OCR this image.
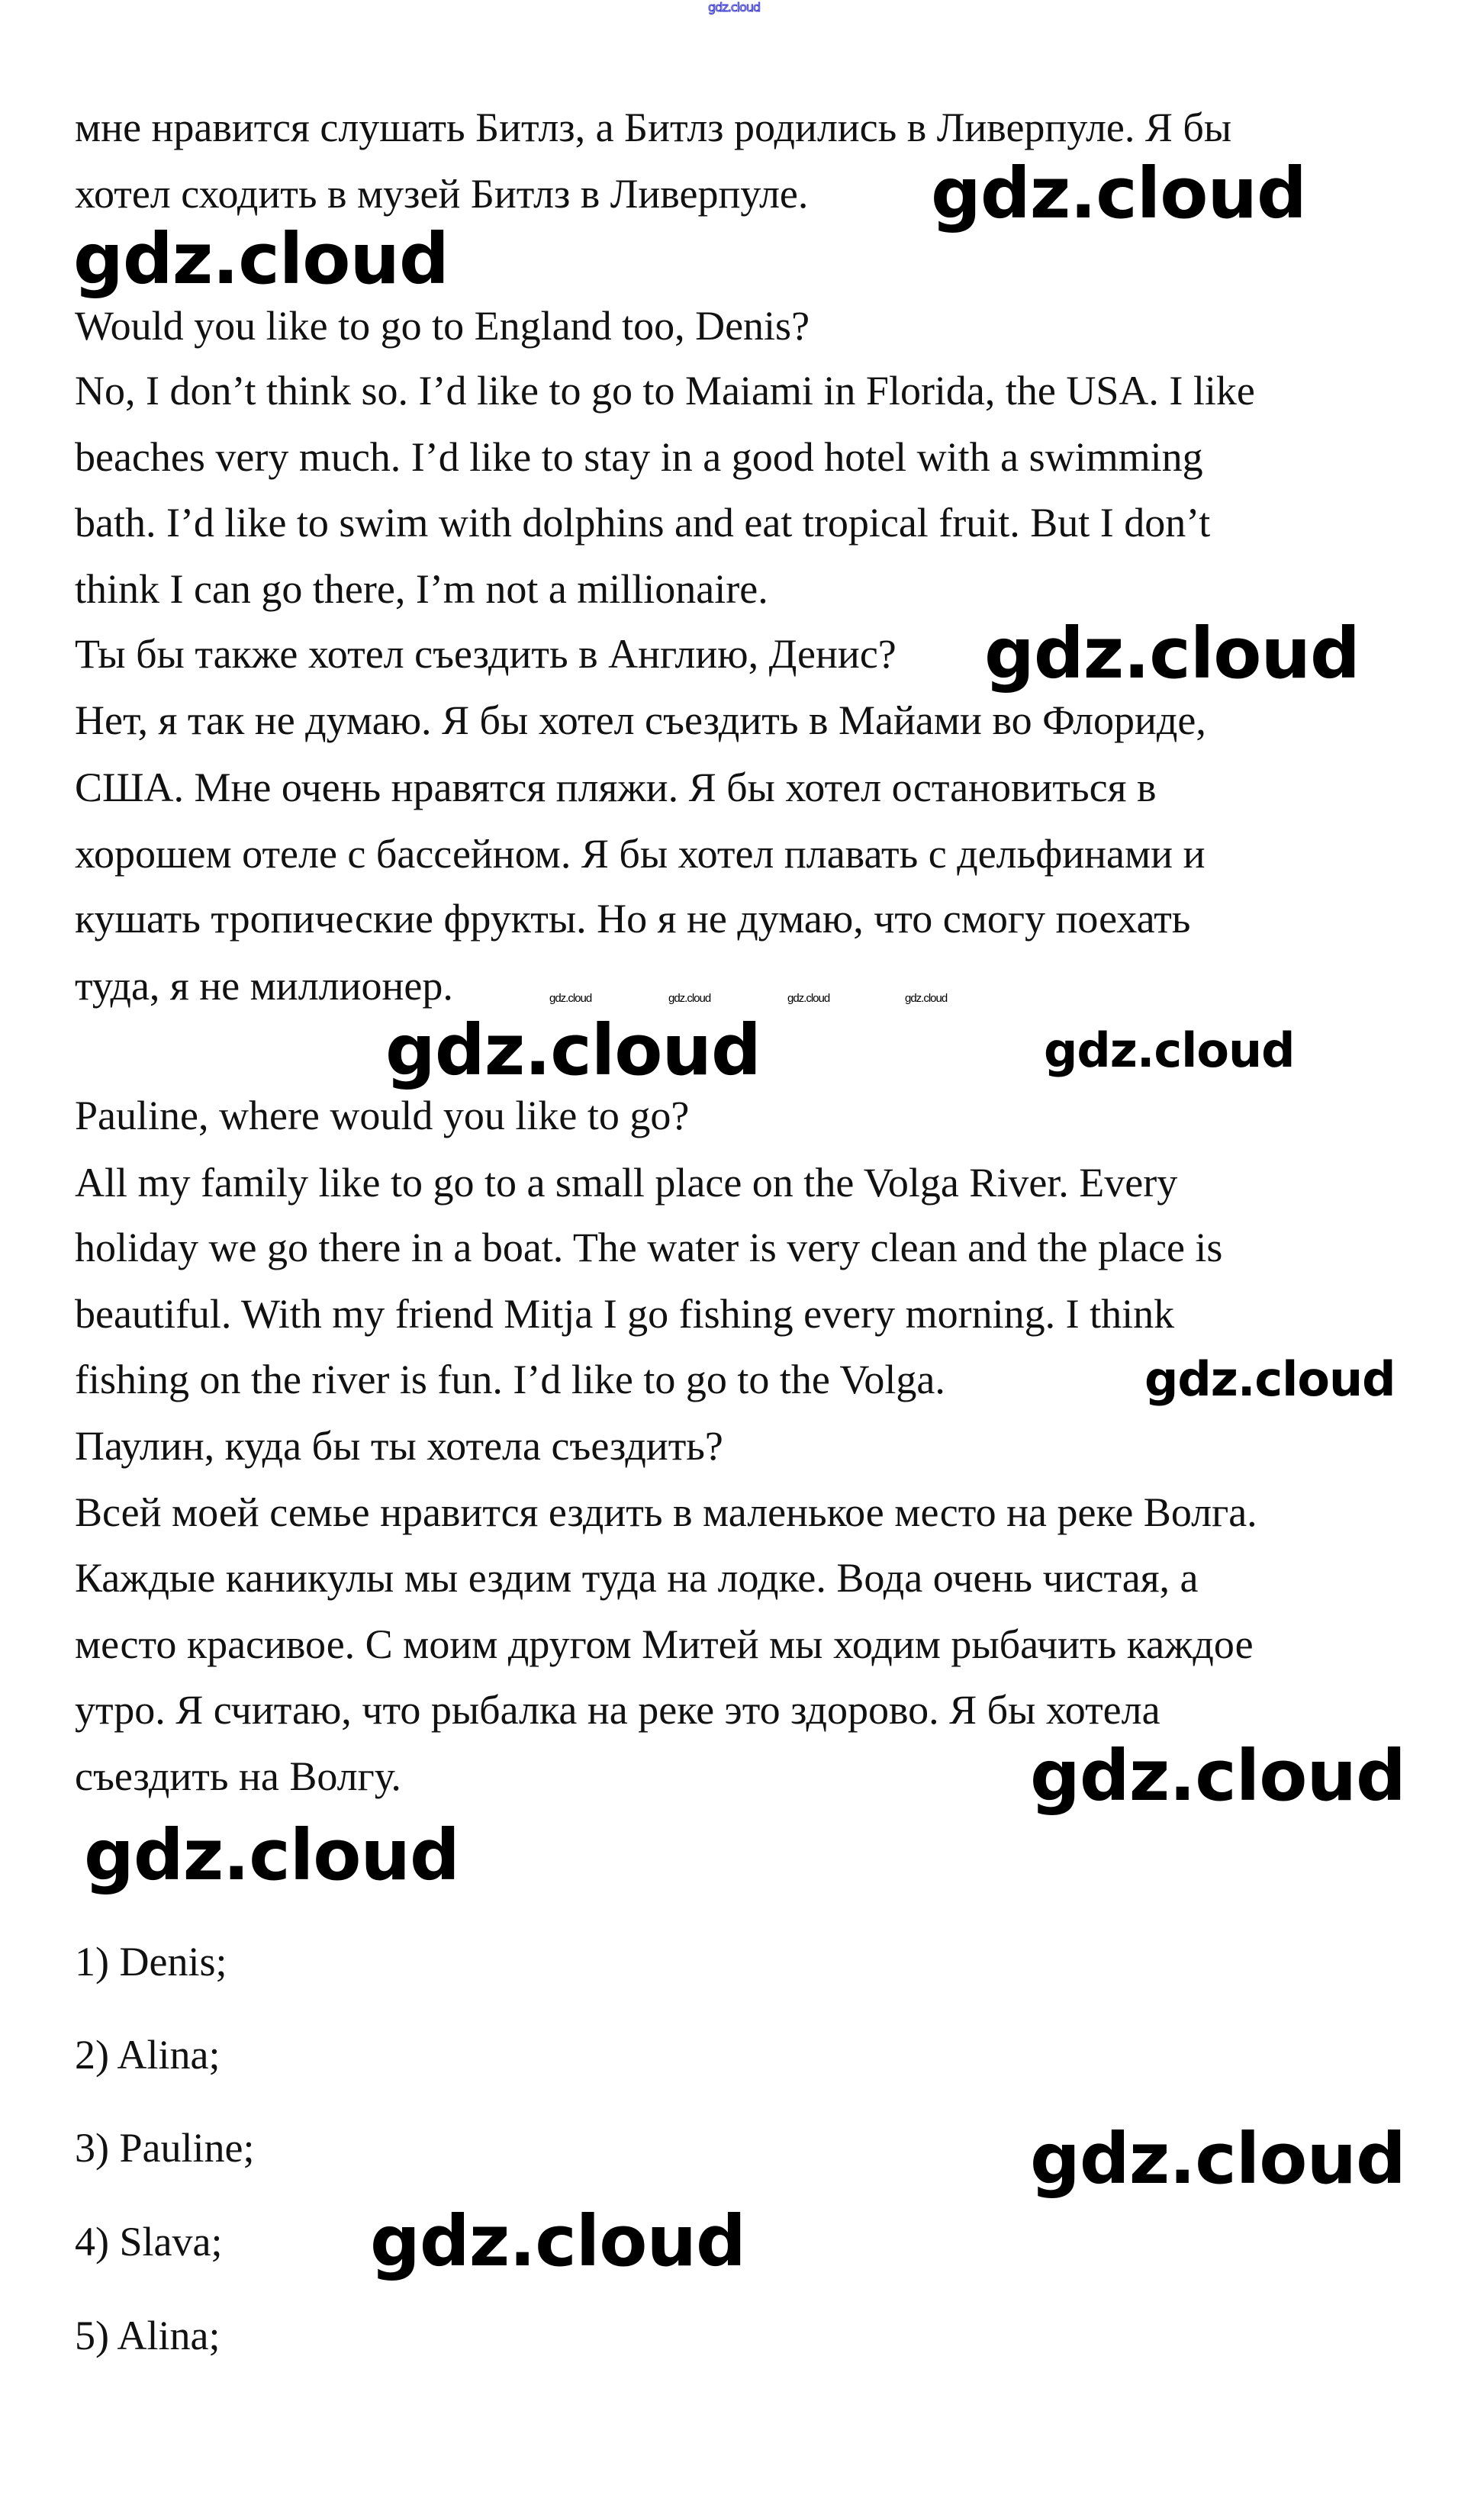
gdz.cloud
мне нравится слушать Битлз, а Битлз родились в Ливерпуле. Я бы
хотел сходить в музей Битлз в Ливерпуле.
Would you like to go to England too, Denis?
No, I don’t think so. I’d like to go to Maiami in Florida, the USA. I like
beaches very much. I’d like to stay in a good hotel with a swimming
bath. I’d like to swim with dolphins and eat tropical fruit. But I don’t
think I can go there, I’m not a millionaire.
Ты бы также хотел съездить в Англию, Денис?
Нет, я так не думаю. Я бы хотел съездить в Майами во Флориде,
США. Мне очень нравятся пляжи. Я бы хотел остановиться в
хорошем отеле с бассейном. Я бы хотел плавать с дельфинами и
кушать тропические фрукты. Но я не думаю, что смогу поехать
туда, я не миллионер.
Pauline, where would you like to go?
All my family like to go to a small place on the Volga River. Every
holiday we go there in a boat. The water is very clean and the place is
beautiful. With my friend Mitja I go fishing every morning. I think
fishing on the river is fun. I’d like to go to the Volga.
Паулин, куда бы ты хотела съездить?
Всей моей семье нравится ездить в маленькое место на реке Волга.
Каждые каникулы мы ездим туда на лодке. Вода очень чистая, а
место красивое. С моим другом Митей мы ходим рыбачить каждое
утро. Я считаю, что рыбалка на реке это здорово. Я бы хотела
съездить на Волгу.
1) Denis;
2) Alina;
3) Pauline;
4) Slava;
5) Alina;
gdz.cloud
gdz.cloud
gdz.cloud
gdz.cloud	gdz.cloud	gdz.cloud	gdz.cloud
gdz.cloud	gdz.cloud
gdz.cloud
gdz.cloud
gdz.cloud
gdz.cloud
gdz.cloud
